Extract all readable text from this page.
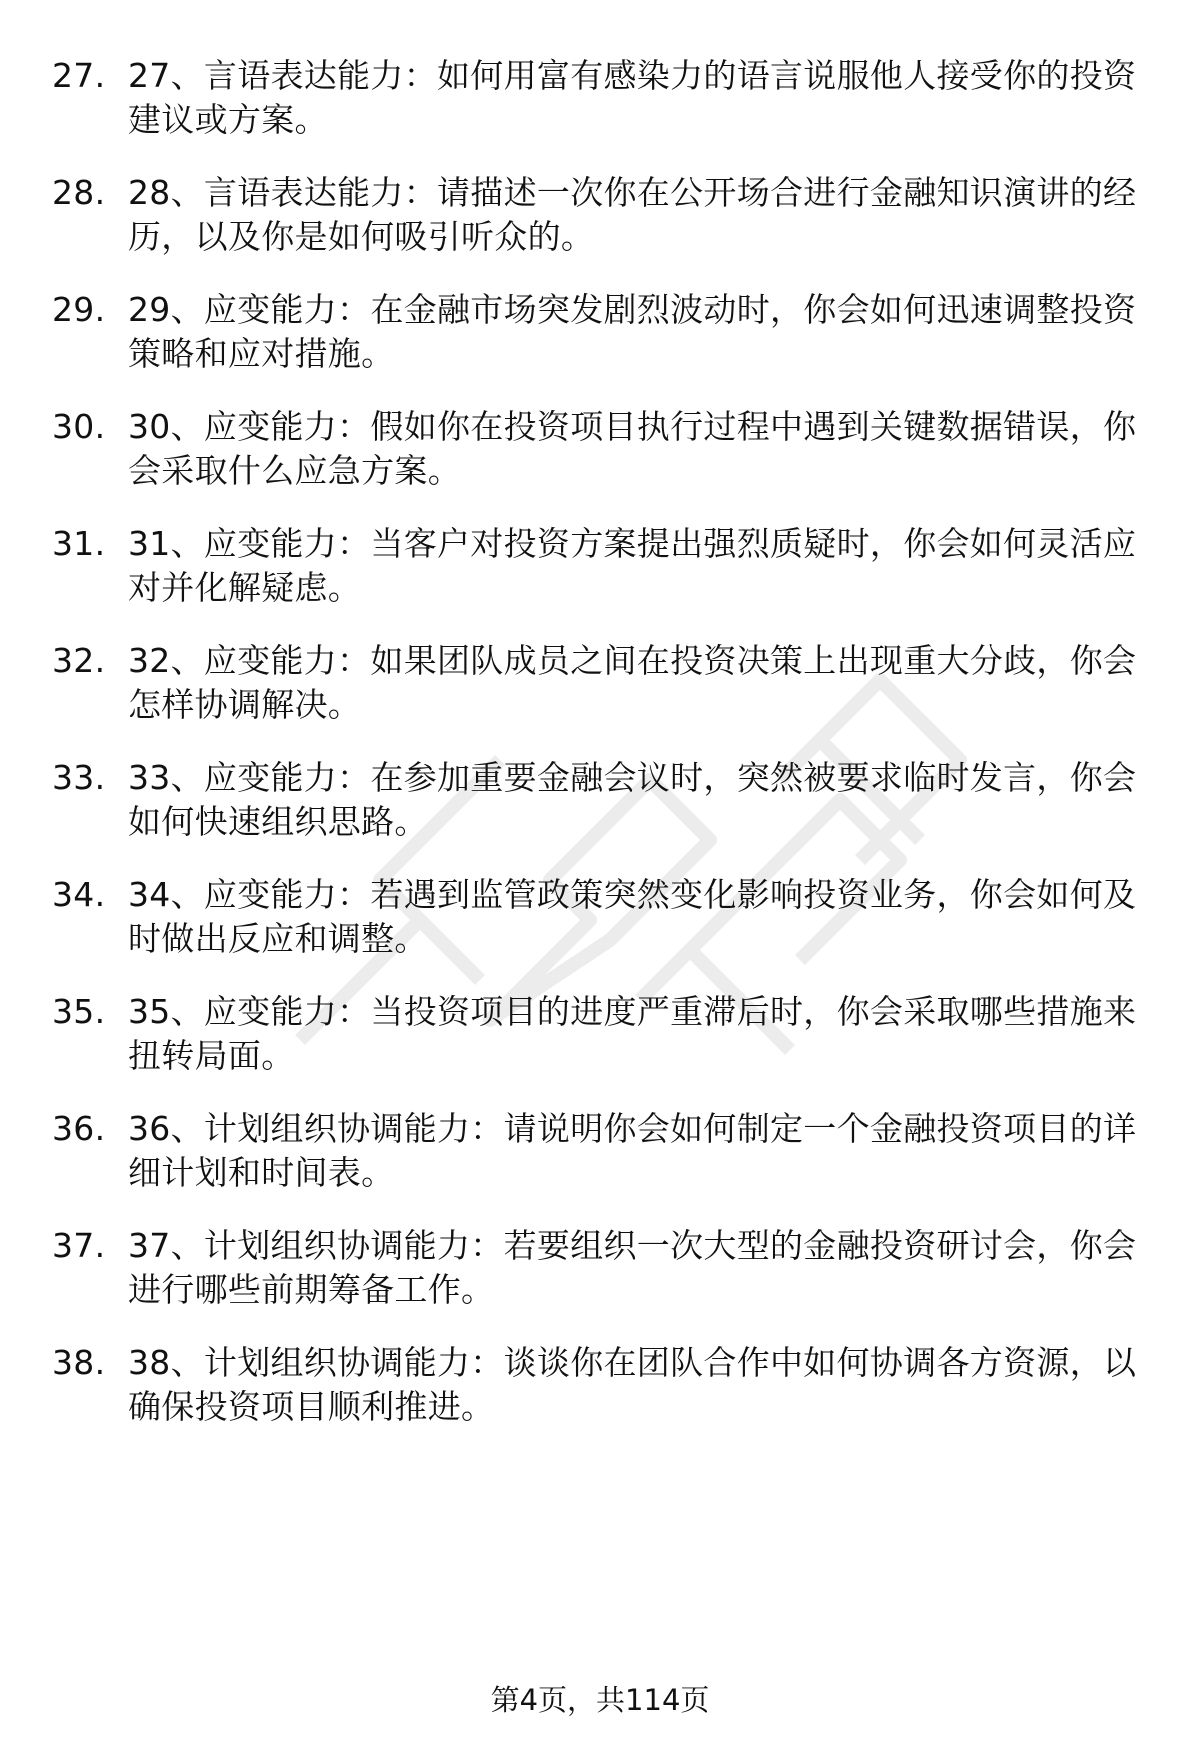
27. 27、言语表达能力：如何用富有感染力的语言说服他人接受你的投资建议或方案。
28. 28、言语表达能力：请描述一次你在公开场合进行金融知识演讲的经历，以及你是如何吸引听众的。
29. 29、应变能力：在金融市场突发剧烈波动时，你会如何迅速调整投资策略和应对措施。
30. 30、应变能力：假如你在投资项目执行过程中遇到关键数据错误，你会采取什么应急方案。
31. 31、应变能力：当客户对投资方案提出强烈质疑时，你会如何灵活应对并化解疑虑。
32. 32、应变能力：如果团队成员之间在投资决策上出现重大分歧，你会怎样协调解决。
33. 33、应变能力：在参加重要金融会议时，突然被要求临时发言，你会如何快速组织思路。
34. 34、应变能力：若遇到监管政策突然变化影响投资业务，你会如何及时做出反应和调整。
35. 35、应变能力：当投资项目的进度严重滞后时，你会采取哪些措施来扭转局面。
36. 36、计划组织协调能力：请说明你会如何制定一个金融投资项目的详细计划和时间表。
37. 37、计划组织协调能力：若要组织一次大型的金融投资研讨会，你会进行哪些前期筹备工作。
38. 38、计划组织协调能力：谈谈你在团队合作中如何协调各方资源，以确保投资项目顺利推进。
第4页，共114页
